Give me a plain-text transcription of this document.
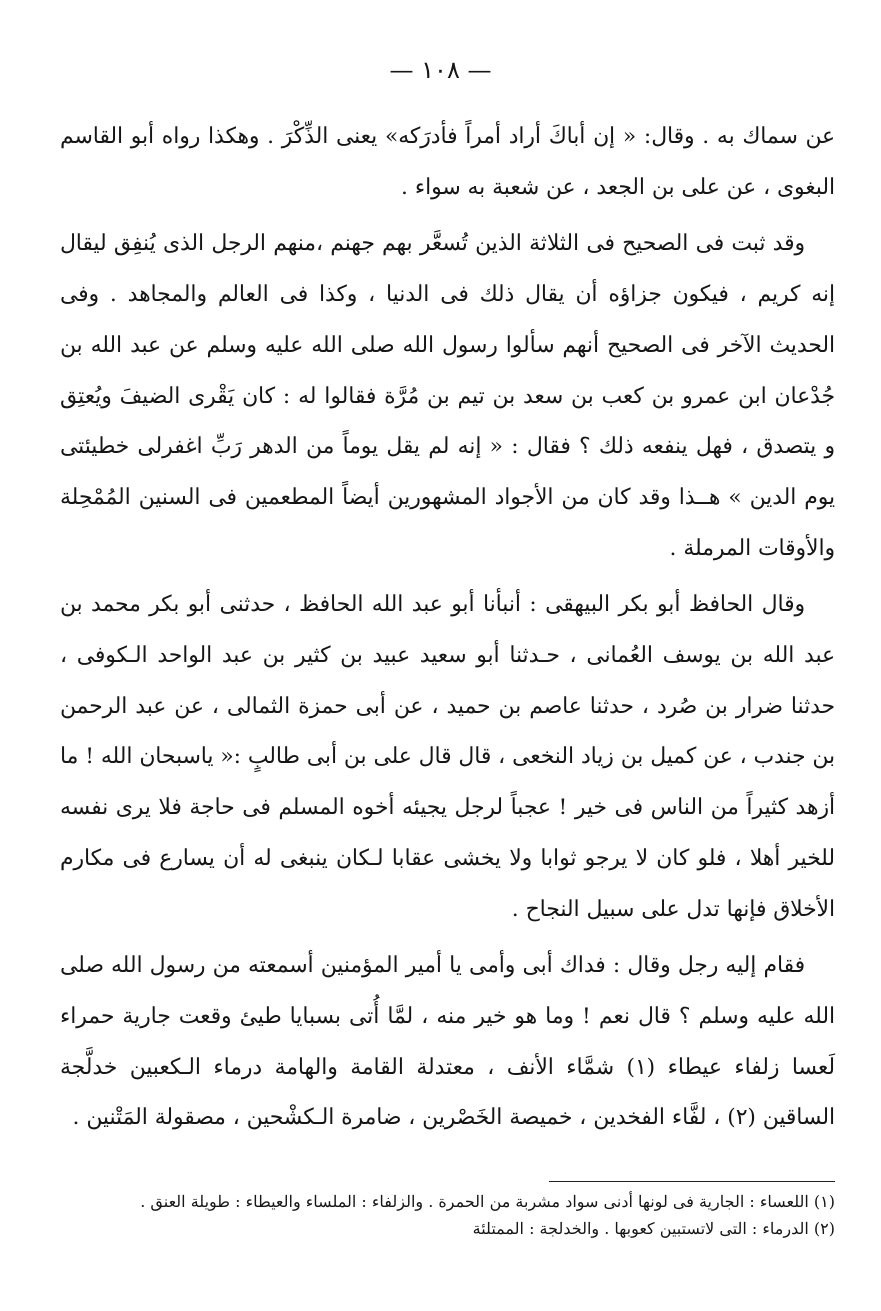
— ١٠٨ —

عن سماك به . وقال: « إن أباكَ أراد أمراً فأدرَكه» يعنى الذِّكْرَ . وهكذا رواه أبو القاسم البغوى ، عن على بن الجعد ، عن شعبة به سواء .

وقد ثبت فى الصحيح فى الثلاثة الذين تُسعَّر بهم جهنم ،منهم الرجل الذى يُنفِق ليقال إنه كريم ، فيكون جزاؤه أن يقال ذلك فى الدنيا ، وكذا فى العالم والمجاهد . وفى الحديث الآخر فى الصحيح أنهم سألوا رسول الله صلى الله عليه وسلم عن عبد الله بن جُدْعان ابن عمرو بن كعب بن سعد بن تيم بن مُرَّة فقالوا له : كان يَقْرى الضيفَ ويُعتِق و يتصدق ، فهل ينفعه ذلك ؟ فقال : « إنه لم يقل يوماً من الدهر رَبِّ اغفرلى خطيئتى يوم الدين » هــذا وقد كان من الأجواد المشهورين أيضاً المطعمين فى السنين المُمْحِلة والأوقات المرملة .

وقال الحافظ أبو بكر البيهقى : أنبأنا أبو عبد الله الحافظ ، حدثنى أبو بكر محمد بن عبد الله بن يوسف العُمانى ، حـدثنا أبو سعيد عبيد بن كثير بن عبد الواحد الـكوفى ، حدثنا ضرار بن صُرد ، حدثنا عاصم بن حميد ، عن أبى حمزة الثمالى ، عن عبد الرحمن بن جندب ، عن كميل بن زياد النخعى ، قال قال على بن أبى طالبٍ :« ياسبحان الله ! ما أزهد كثيراً من الناس فى خير ! عجباً لرجل يجيئه أخوه المسلم فى حاجة فلا يرى نفسه للخير أهلا ، فلو كان لا يرجو ثوابا ولا يخشى عقابا لـكان ينبغى له أن يسارع فى مكارم الأخلاق فإنها تدل على سبيل النجاح .

فقام إليه رجل وقال : فداك أبى وأمى يا أمير المؤمنين أسمعته من رسول الله صلى الله عليه وسلم ؟ قال نعم ! وما هو خير منه ، لمَّا أُتى بسبايا طيئ وقعت جارية حمراء لَعسا زلفاء عيطاء (١) شمَّاء الأنف ، معتدلة القامة والهامة درماء الـكعبين خدلَّجة الساقين (٢) ، لفَّاء الفخدين ، خميصة الخَصْرين ، ضامرة الـكشْحين ، مصقولة المَتْنين .

(١) اللعساء : الجارية فى لونها أدنى سواد مشربة من الحمرة . والزلفاء : الملساء والعيطاء : طويلة العنق .

(٢) الدرماء : التى لاتستبين كعوبها . والخدلجة : الممتلئة
